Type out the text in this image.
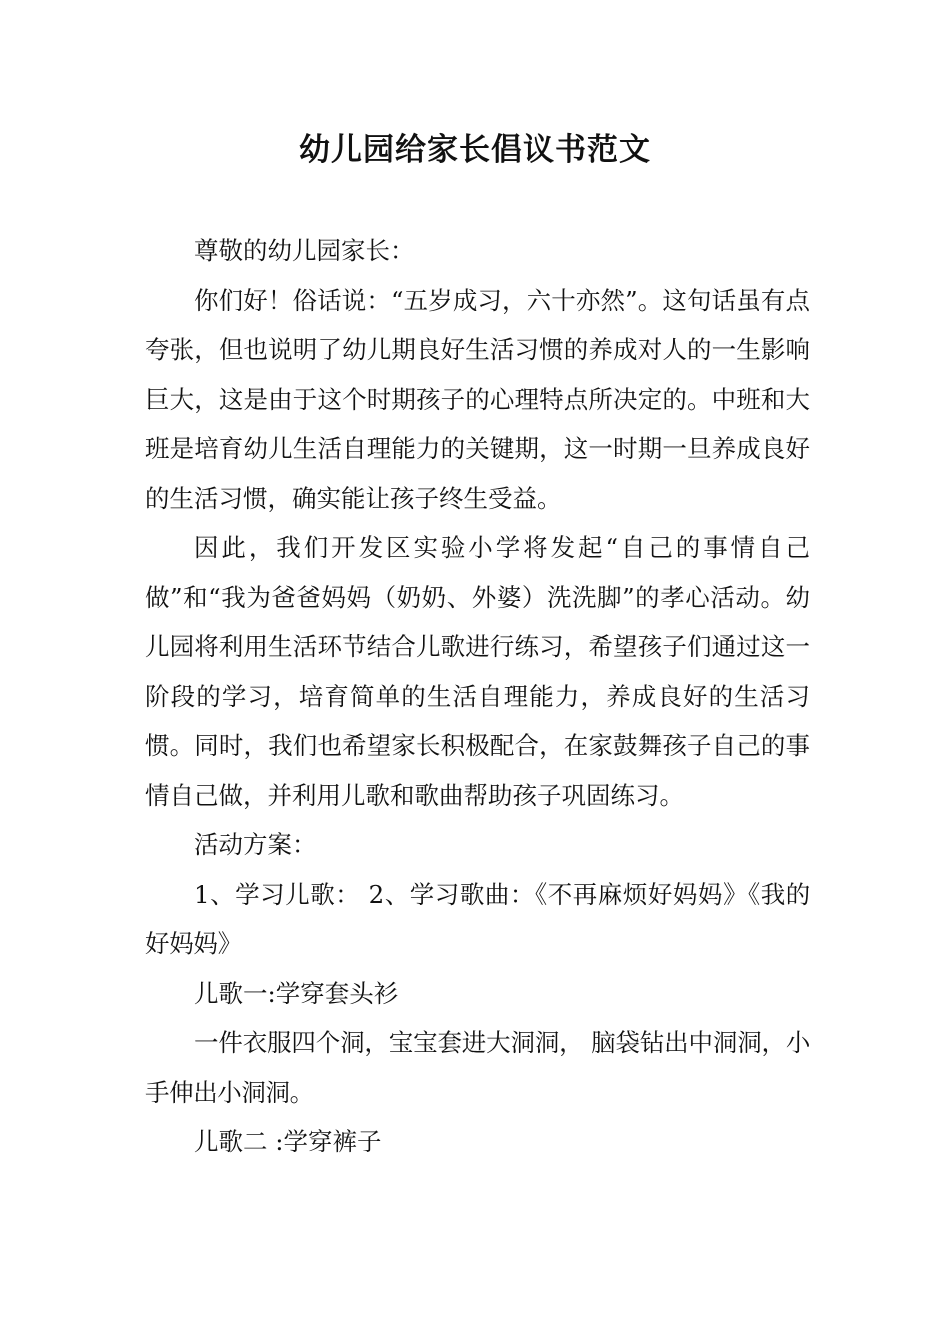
幼儿园给家长倡议书范文

尊敬的幼儿园家长：

你们好！俗话说：“五岁成习，六十亦然”。这句话虽有点夸张，但也说明了幼儿期良好生活习惯的养成对人的一生影响巨大，这是由于这个时期孩子的心理特点所决定的。中班和大班是培育幼儿生活自理能力的关键期，这一时期一旦养成良好的生活习惯，确实能让孩子终生受益。

因此，我们开发区实验小学将发起“自己的事情自己做”和“我为爸爸妈妈（奶奶、外婆）洗洗脚”的孝心活动。幼儿园将利用生活环节结合儿歌进行练习，希望孩子们通过这一阶段的学习，培育简单的生活自理能力，养成良好的生活习惯。同时，我们也希望家长积极配合，在家鼓舞孩子自己的事情自己做，并利用儿歌和歌曲帮助孩子巩固练习。

活动方案：

1、学习儿歌： 2、学习歌曲：《不再麻烦好妈妈》《我的好妈妈》

儿歌一:学穿套头衫

一件衣服四个洞，宝宝套进大洞洞， 脑袋钻出中洞洞，小手伸出小洞洞。

儿歌二 :学穿裤子
